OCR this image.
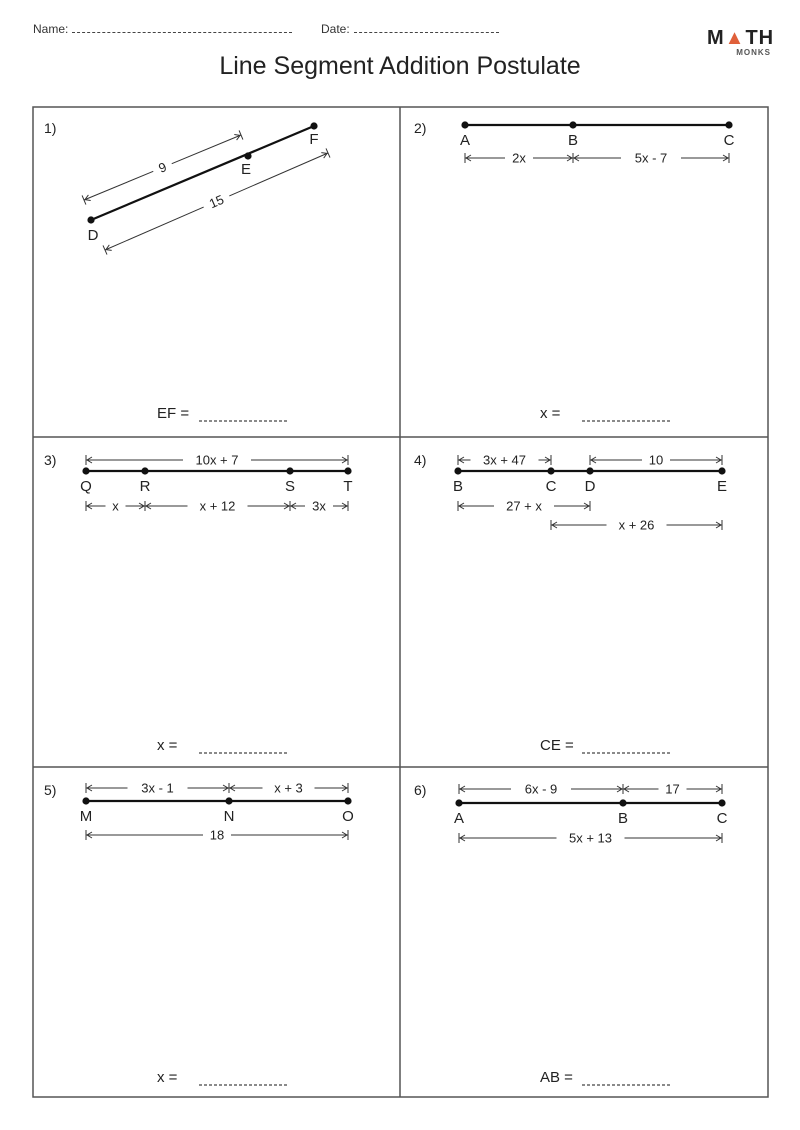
Name:	Date:
Line Segment Addition Postulate
M▲TH
MONKS
1)
D
E
F
9
15
EF =
2)
A	B	C
2x	5x - 7
x =
3)
Q	R	S	T
10x + 7
x	x + 12	3x
x =
4)
B	C D	E
3x + 47	10
27 + x
x + 26
CE =
5)
M	N	O
3x - 1	x + 3
18
x =
6)
A	B	C
6x - 9	17
5x + 13
AB =
